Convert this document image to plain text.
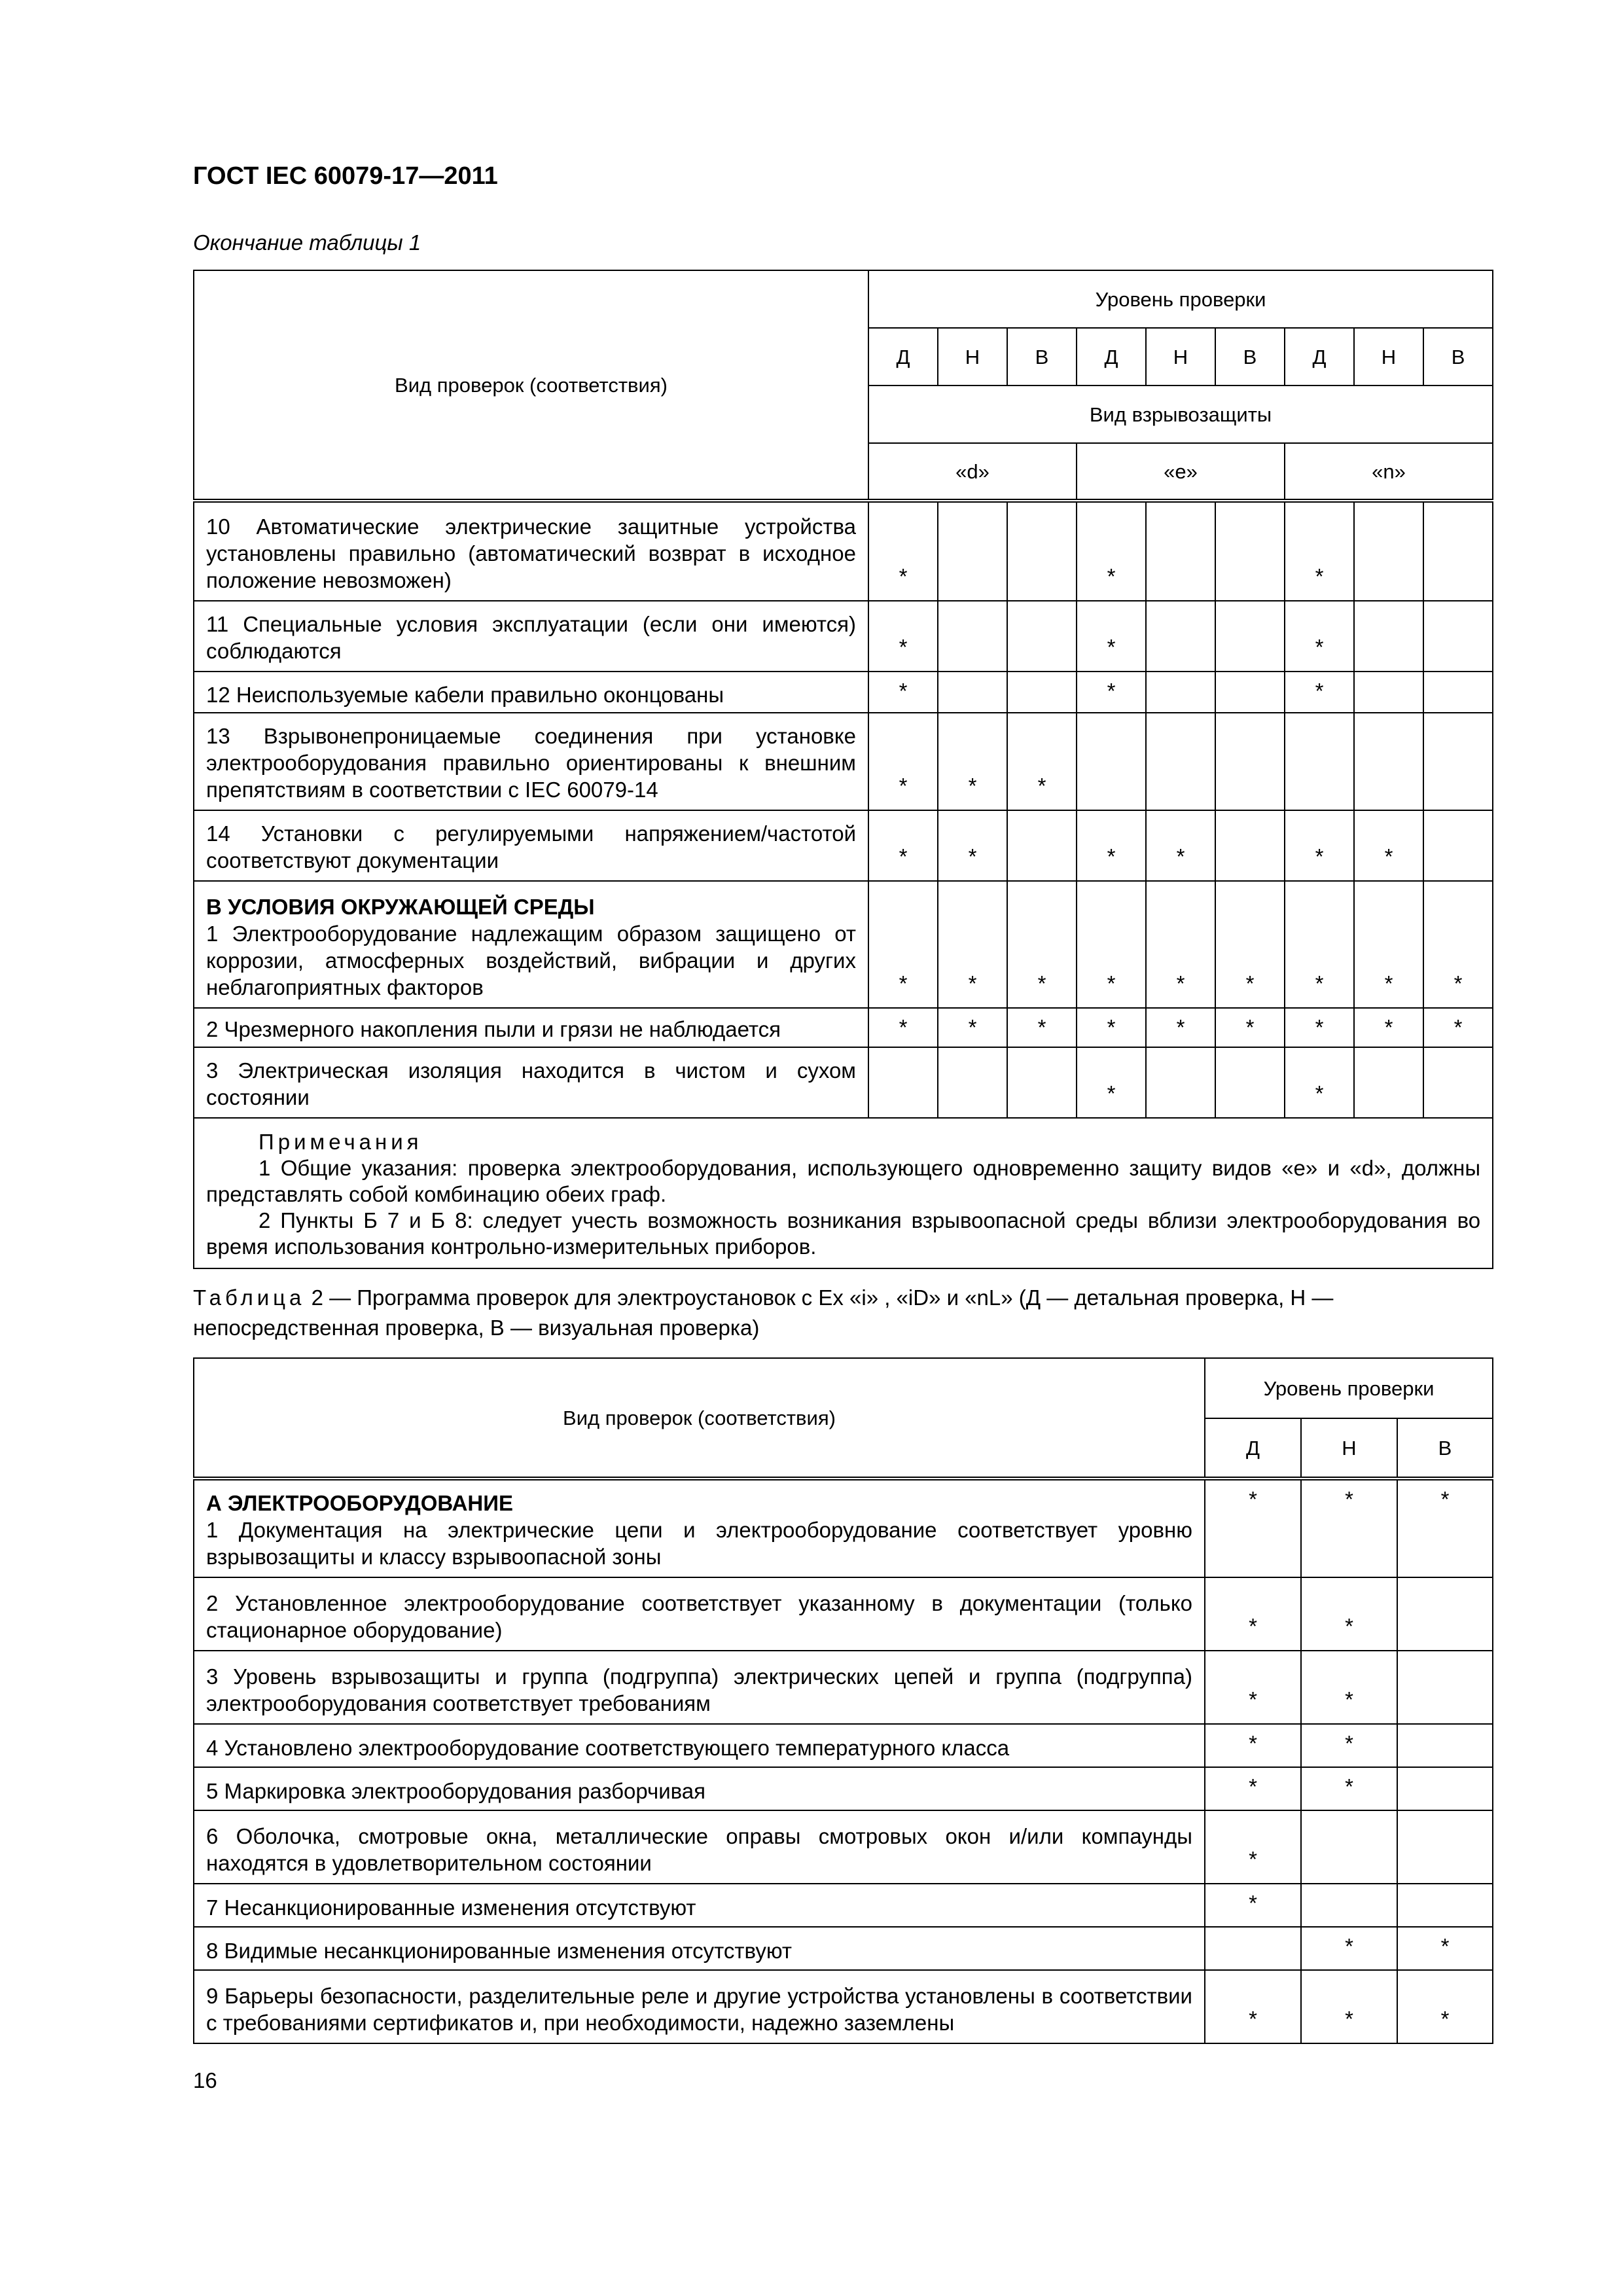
ГОСТ IEC 60079-17—2011

Окончание таблицы 1

Вид проверок (соответствия)	Уровень проверки								
	Д	Н	В	Д	Н	В	Д	Н	В
	Вид взрывозащиты								
	«d»			«e»			«n»		
10 Автоматические электрические защитные устройства установлены правильно (автоматический возврат в исходное положение невозможен)	*			*			*		
11 Специальные условия эксплуатации (если они имеются) соблюдаются	*			*			*		
12 Неиспользуемые кабели правильно оконцованы	*			*			*		
13 Взрывонепроницаемые соединения при установке электрооборудования правильно ориентированы к внешним препятствиям в соответствии с IEC 60079-14	*	*	*						
14 Установки с регулируемыми напряжением/частотой соответствуют документации	*	*		*	*		*	*	

В УСЛОВИЯ ОКРУЖАЮЩЕЙ СРЕДЫ
1 Электрооборудование надлежащим образом защищено от коррозии, атмосферных воздействий, вибрации и других неблагоприятных факторов	*	*	*	*	*	*	*	*	*
2 Чрезмерного накопления пыли и грязи не наблюдается	*	*	*	*	*	*	*	*	*
3 Электрическая изоляция находится в чистом и сухом состоянии				*			*		

Примечания
1 Общие указания: проверка электрооборудования, использующего одновременно защиту видов «e» и «d», должны представлять собой комбинацию обеих граф.
2 Пункты Б 7 и Б 8: следует учесть возможность возникания взрывоопасной среды вблизи электрооборудования во время использования контрольно-измерительных приборов.									

Таблица 2 — Программа проверок для электроустановок с Ex «i» , «iD» и «nL» (Д — детальная проверка, Н — непосредственная проверка, В — визуальная проверка)

Вид проверок (соответствия)	Уровень проверки		
	Д	Н	В

А ЭЛЕКТРООБОРУДОВАНИЕ
1 Документация на электрические цепи и электрооборудование соответствует уровню взрывозащиты и классу взрывоопасной зоны	*	*	*
2 Установленное электрооборудование соответствует указанному в документации (только стационарное оборудование)	*	*	
3 Уровень взрывозащиты и группа (подгруппа) электрических цепей и группа (подгруппа) электрооборудования соответствует требованиям	*	*	
4 Установлено электрооборудование соответствующего температурного класса	*	*	
5 Маркировка электрооборудования разборчивая	*	*	
6 Оболочка, смотровые окна, металлические оправы смотровых окон и/или компаунды находятся в удовлетворительном состоянии	*		
7 Несанкционированные изменения отсутствуют	*		
8 Видимые несанкционированные изменения отсутствуют		*	*
9 Барьеры безопасности, разделительные реле и другие устройства установлены в соответствии с требованиями сертификатов и, при необходимости, надежно заземлены	*	*	*

16
